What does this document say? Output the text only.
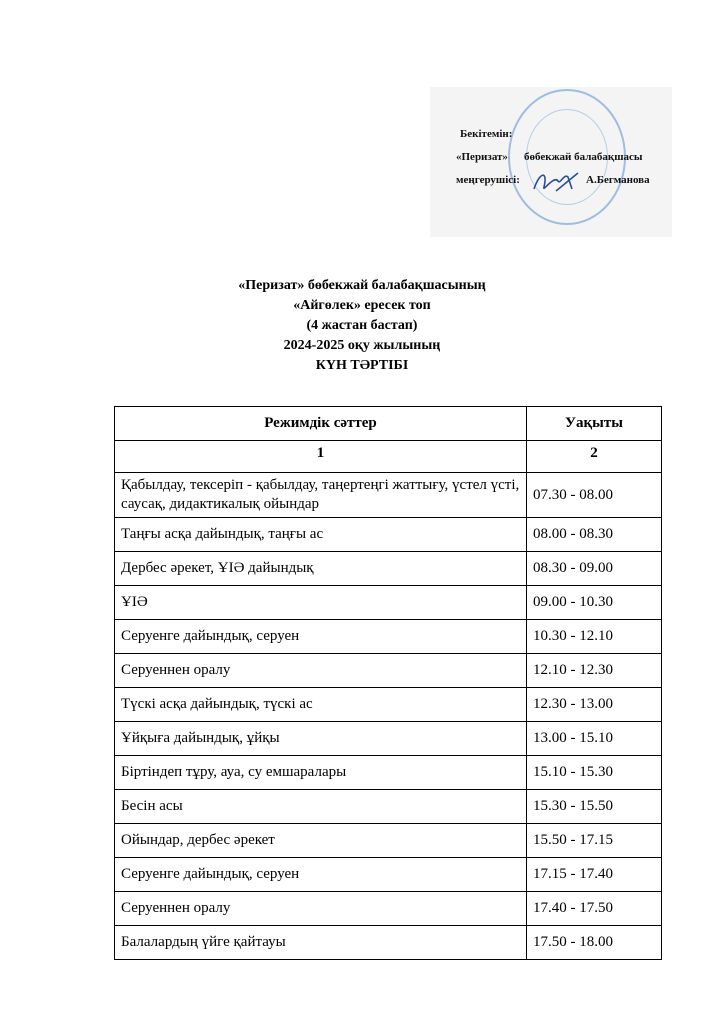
Бекітемін:
«Перизат» бөбекжай балабақшасы
меңгерушісі:	А.Бегманова
«Перизат» бөбекжай балабақшасының
«Айгөлек» ересек топ
(4 жастан бастап)
2024-2025 оқу жылының
КҮН ТӘРТІБІ
Режимдік сәттер	Уақыты
1	2
Қабылдау, тексеріп - қабылдау, таңертеңгі жаттығу, үстел үсті, саусақ, дидактикалық ойындар	07.30 - 08.00
Таңғы асқа дайындық, таңғы ас	08.00 - 08.30
Дербес әрекет, ҰІӘ дайындық	08.30 - 09.00
ҰІӘ	09.00 - 10.30
Серуенге дайындық, серуен	10.30 - 12.10
Серуеннен оралу	12.10 - 12.30
Түскі асқа дайындық, түскі ас	12.30 - 13.00
Ұйқыға дайындық, ұйқы	13.00 - 15.10
Біртіндеп тұру, ауа, су емшаралары	15.10 - 15.30
Бесін асы	15.30 - 15.50
Ойындар, дербес әрекет	15.50 - 17.15
Серуенге дайындық, серуен	17.15 - 17.40
Серуеннен оралу	17.40 - 17.50
Балалардың үйге қайтауы	17.50 - 18.00
